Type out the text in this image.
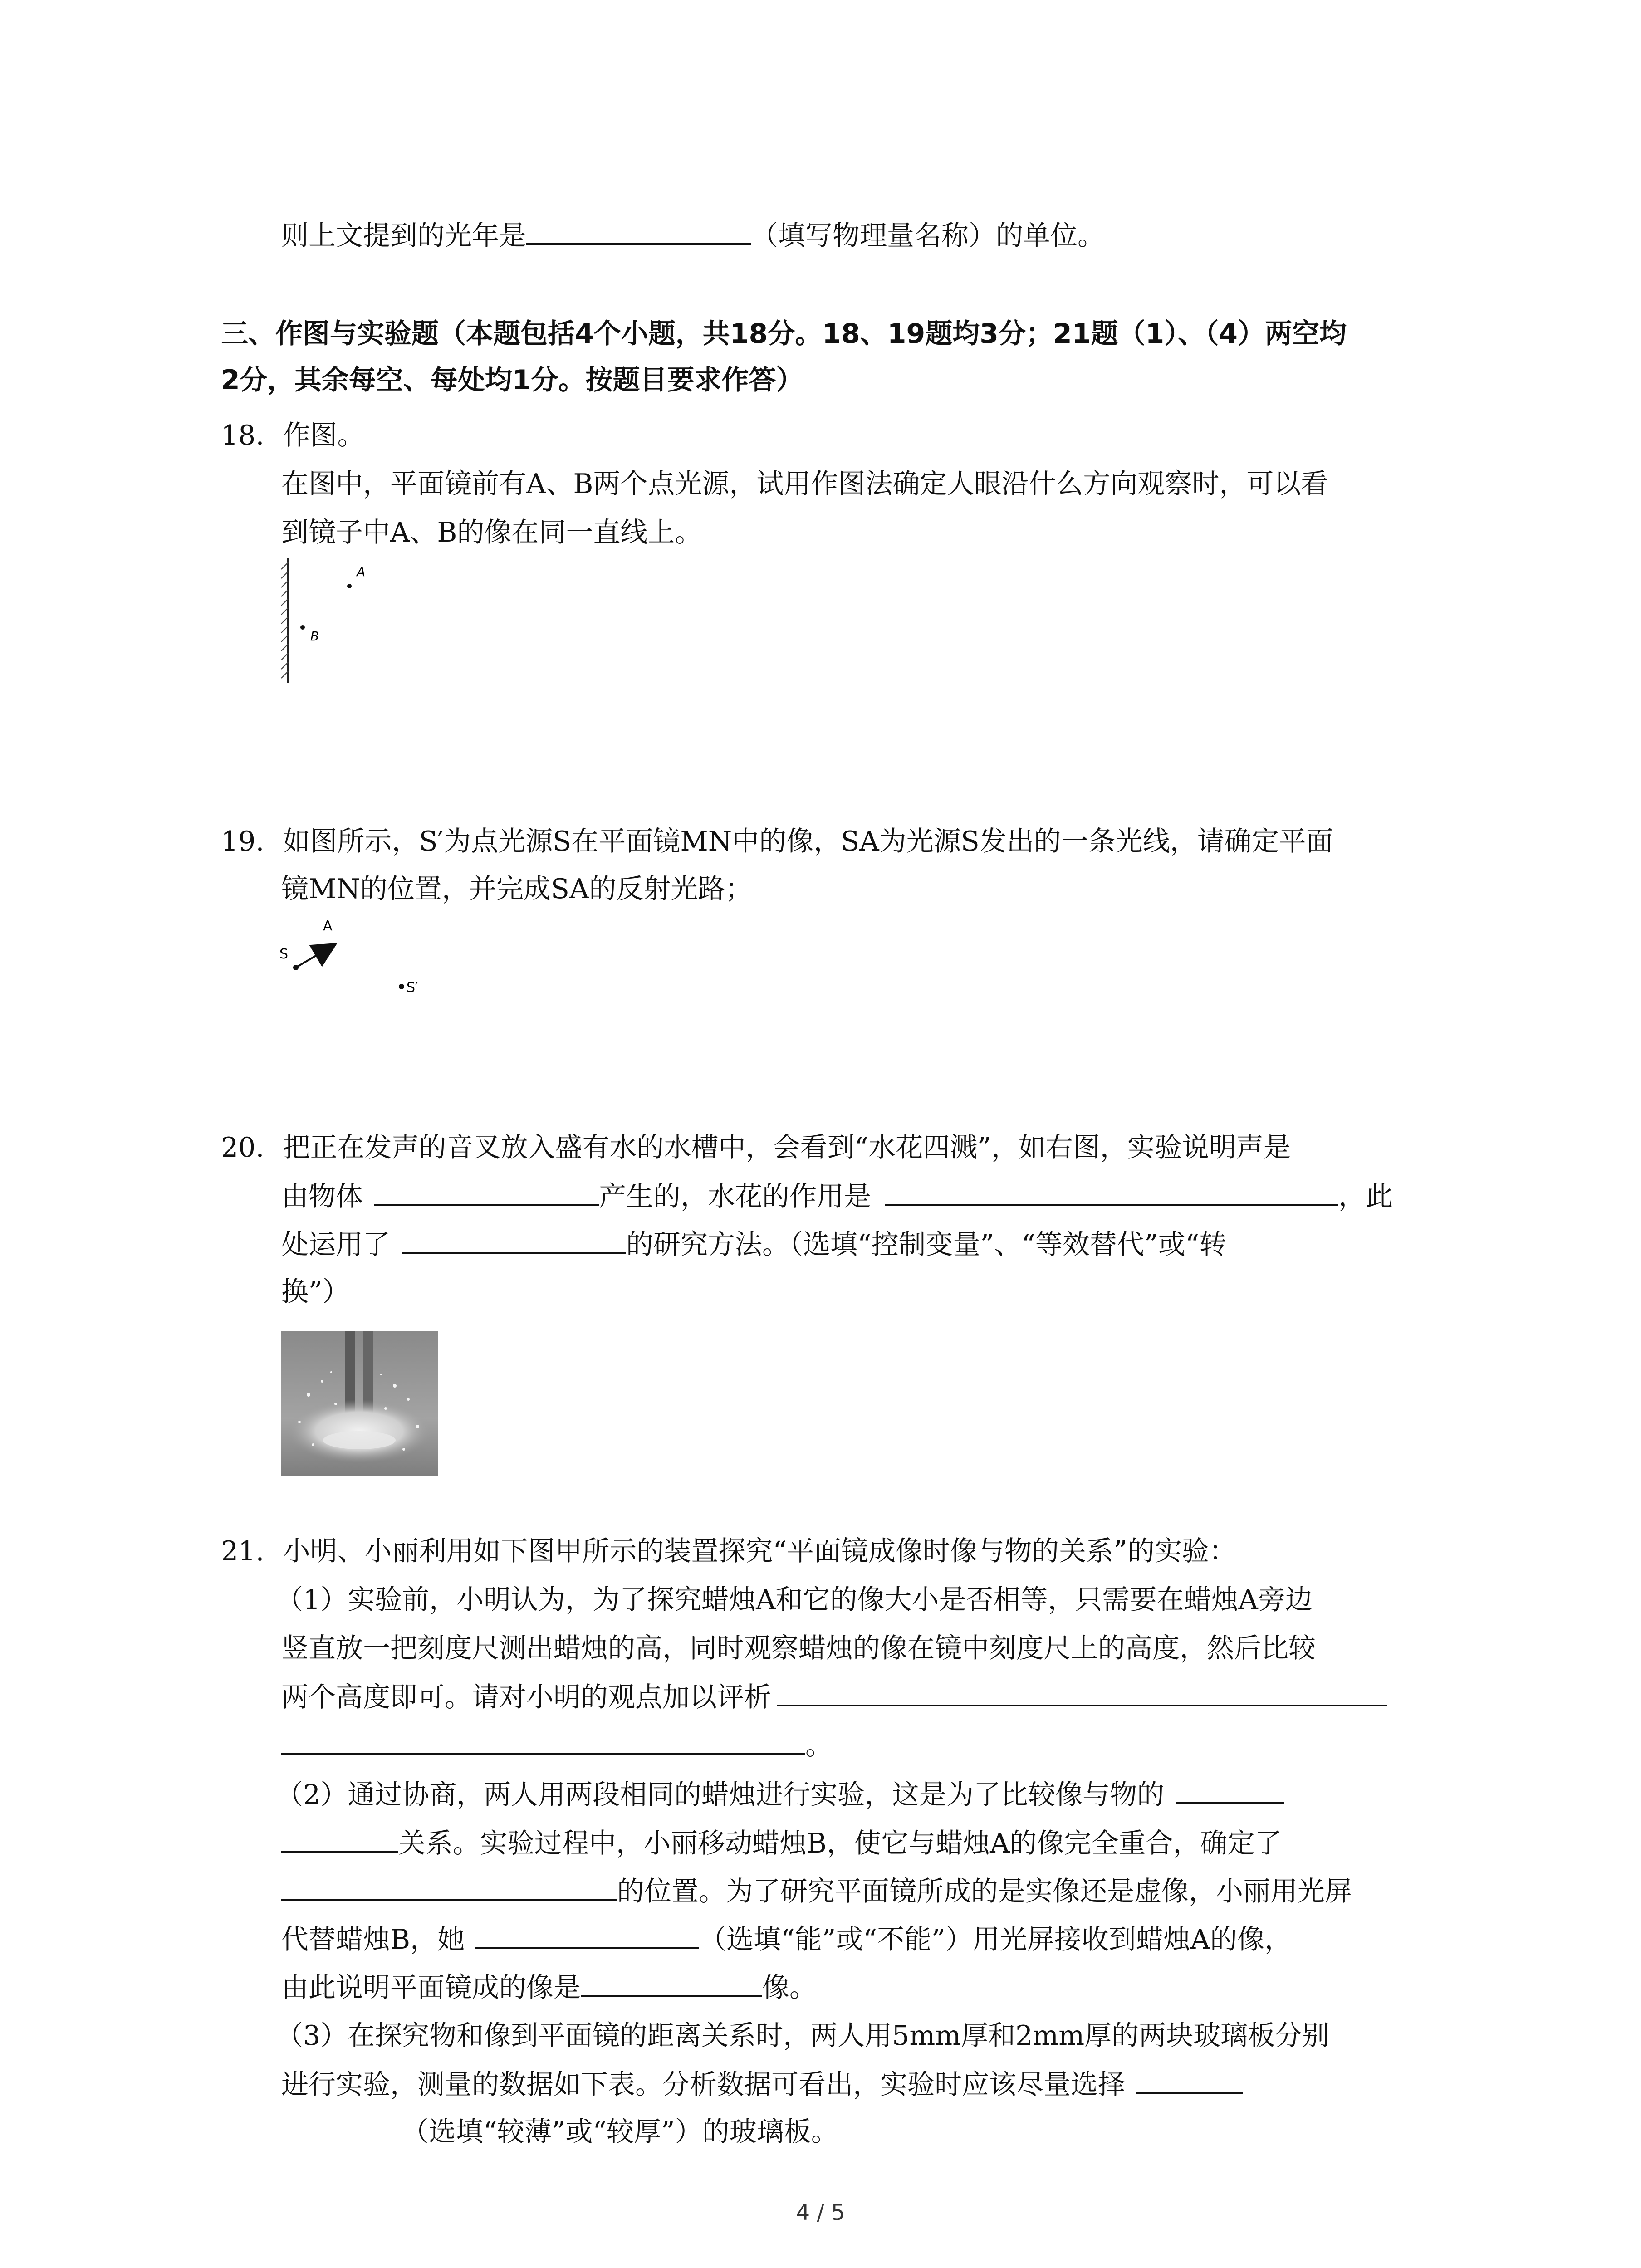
则上文提到的光年是	（填写物理量名称）的单位。
三、作图与实验题（本题包括4个小题，共18分。18、19题均3分；21题（1）、（4）两空均
2分，其余每空、每处均1分。按题目要求作答）
18. 作图。
在图中，平面镜前有A、B两个点光源，试用作图法确定人眼沿什么方向观察时，可以看
到镜子中A、B的像在同一直线上。
A
B
19. 如图所示，S′为点光源S在平面镜MN中的像，SA为光源S发出的一条光线，请确定平面
镜MN的位置，并完成SA的反射光路；
S
A
S′
20. 把正在发声的音叉放入盛有水的水槽中，会看到“水花四溅”，如右图，实验说明声是
由物体	产生的，水花的作用是	，此
处运用了	的研究方法。（选填“控制变量”、“等效替代”或“转
换”）
21. 小明、小丽利用如下图甲所示的装置探究“平面镜成像时像与物的关系”的实验：
（1）实验前，小明认为，为了探究蜡烛A和它的像大小是否相等，只需要在蜡烛A旁边
竖直放一把刻度尺测出蜡烛的高，同时观察蜡烛的像在镜中刻度尺上的高度，然后比较
两个高度即可。请对小明的观点加以评析
。
（2）通过协商，两人用两段相同的蜡烛进行实验，这是为了比较像与物的
关系。实验过程中，小丽移动蜡烛B，使它与蜡烛A的像完全重合，确定了
的位置。为了研究平面镜所成的是实像还是虚像，小丽用光屏
代替蜡烛B，她	（选填“能”或“不能”）用光屏接收到蜡烛A的像，
由此说明平面镜成的像是	像。
（3）在探究物和像到平面镜的距离关系时，两人用5mm厚和2mm厚的两块玻璃板分别
进行实验，测量的数据如下表。分析数据可看出，实验时应该尽量选择
（选填“较薄”或“较厚”）的玻璃板。
4 / 5
